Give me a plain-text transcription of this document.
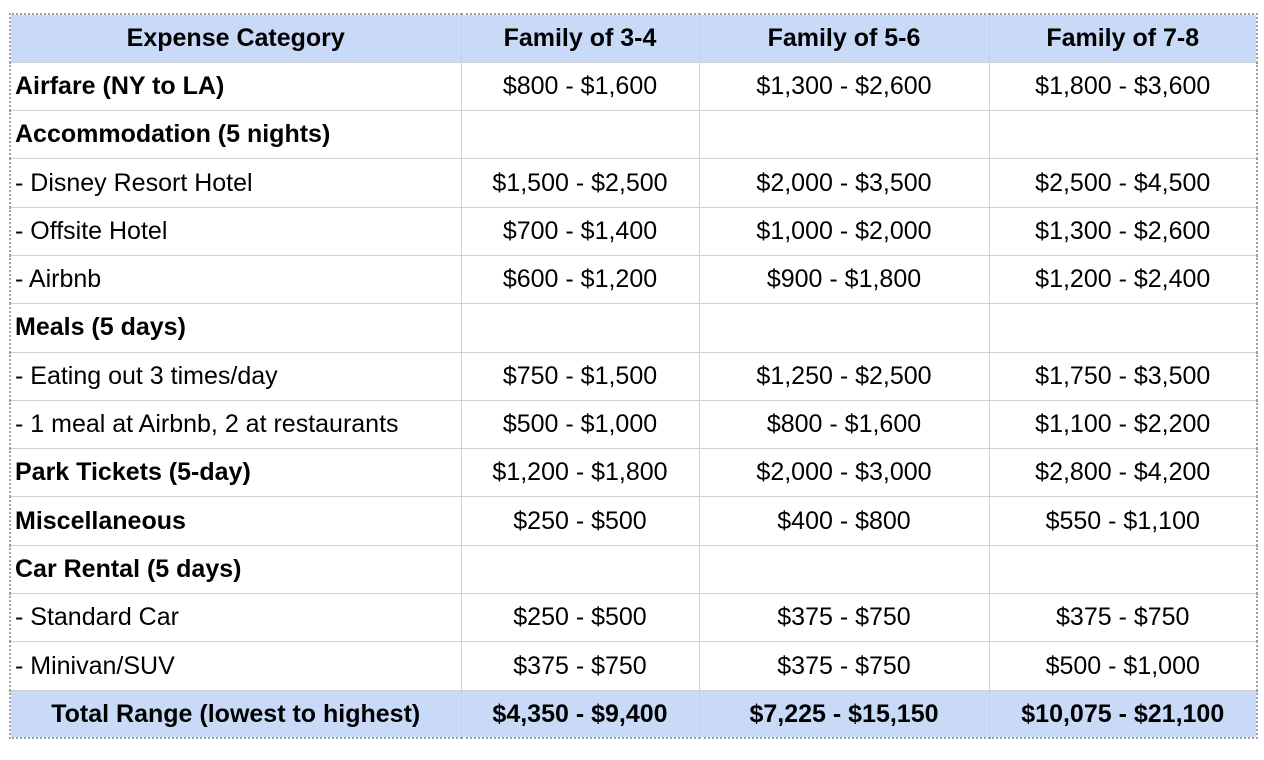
Expense Category	Family of 3-4	Family of 5-6	Family of 7-8
Airfare (NY to LA)	$800 - $1,600	$1,300 - $2,600	$1,800 - $3,600
Accommodation (5 nights)			
- Disney Resort Hotel	$1,500 - $2,500	$2,000 - $3,500	$2,500 - $4,500
- Offsite Hotel	$700 - $1,400	$1,000 - $2,000	$1,300 - $2,600
- Airbnb	$600 - $1,200	$900 - $1,800	$1,200 - $2,400
Meals (5 days)			
- Eating out 3 times/day	$750 - $1,500	$1,250 - $2,500	$1,750 - $3,500
- 1 meal at Airbnb, 2 at restaurants	$500 - $1,000	$800 - $1,600	$1,100 - $2,200
Park Tickets (5-day)	$1,200 - $1,800	$2,000 - $3,000	$2,800 - $4,200
Miscellaneous	$250 - $500	$400 - $800	$550 - $1,100
Car Rental (5 days)			
- Standard Car	$250 - $500	$375 - $750	$375 - $750
- Minivan/SUV	$375 - $750	$375 - $750	$500 - $1,000
Total Range (lowest to highest)	$4,350 - $9,400	$7,225 - $15,150	$10,075 - $21,100
